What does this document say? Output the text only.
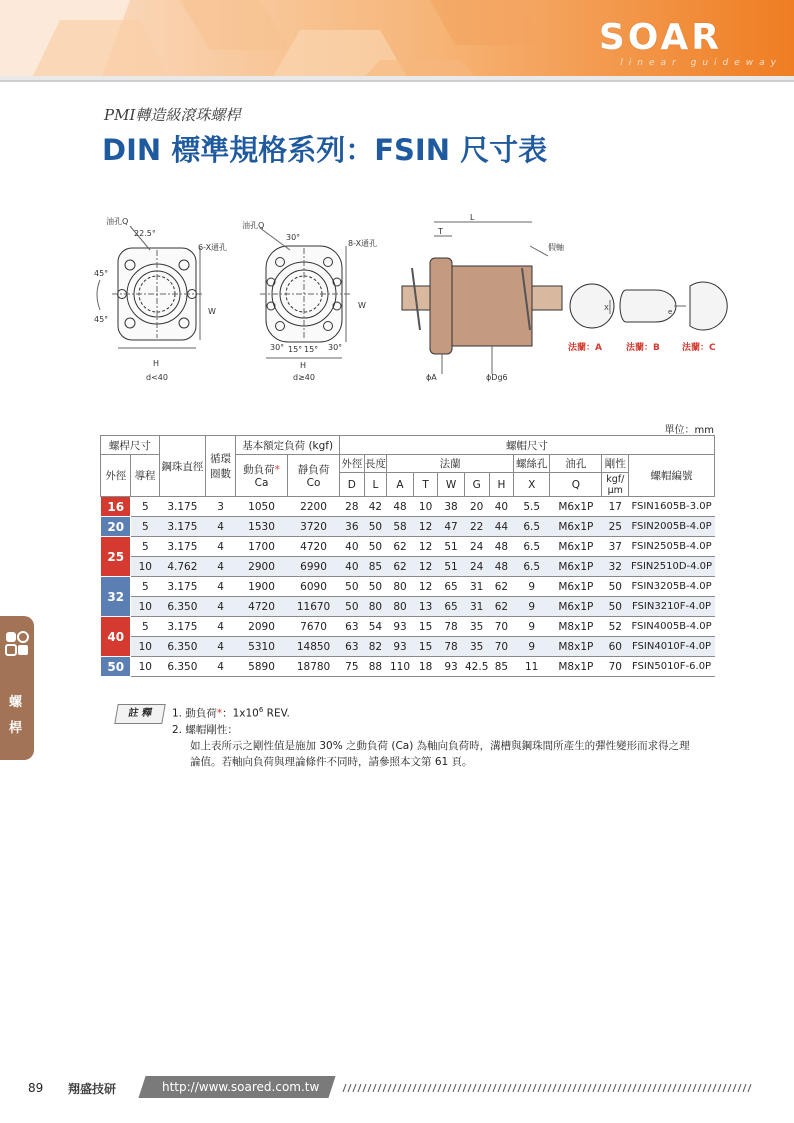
SOAR
linear guideway
PMI轉造級滾珠螺桿
DIN 標準規格系列：FSIN 尺寸表
油孔Q
22.5°
6-X通孔
45°
45°
W
H
d<40
油孔Q
30°
8-X通孔
W
30° 15° 15° 30°
H
d≥40
L
T
假軸
ϕA	ϕDg6
X	e
法蘭：A	法蘭：B 法蘭：C
單位：mm
螺桿尺寸		鋼珠直徑	循環圈數	基本額定負荷 (kgf)		螺帽尺寸										
外徑	導程			動負荷*
Ca	靜負荷
Co	外徑	長度	法蘭					螺絲孔	油孔	剛性	螺帽編號
						D	L	A	T	W	G	H	X	Q	kgf/
μm	
16	5	3.175	3	1050	2200	28	42	48	10	38	20	40	5.5	M6x1P	17	FSIN1605B-3.0P
20	5	3.175	4	1530	3720	36	50	58	12	47	22	44	6.5	M6x1P	25	FSIN2005B-4.0P
25	5	3.175	4	1700	4720	40	50	62	12	51	24	48	6.5	M6x1P	37	FSIN2505B-4.0P
	10	4.762	4	2900	6990	40	85	62	12	51	24	48	6.5	M6x1P	32	FSIN2510D-4.0P
32	5	3.175	4	1900	6090	50	50	80	12	65	31	62	9	M6x1P	50	FSIN3205B-4.0P
	10	6.350	4	4720	11670	50	80	80	13	65	31	62	9	M6x1P	50	FSIN3210F-4.0P
40	5	3.175	4	2090	7670	63	54	93	15	78	35	70	9	M8x1P	52	FSIN4005B-4.0P
	10	6.350	4	5310	14850	63	82	93	15	78	35	70	9	M8x1P	60	FSIN4010F-4.0P
50	10	6.350	4	5890	18780	75	88	110	18	93	42.5	85	11	M8x1P	70	FSIN5010F-6.0P
註 釋	1. 動負荷*：$1x10^6$ REV.
2. 螺帽剛性：
如上表所示之剛性值是施加 30% 之動負荷 (Ca) 為軸向負荷時，溝槽與鋼珠間所產生的彈性變形而求得之理
論值。若軸向負荷與理論條件不同時，請參照本文第 61 頁。
螺
桿
89 翔盛技研	http://www.soared.com.tw
